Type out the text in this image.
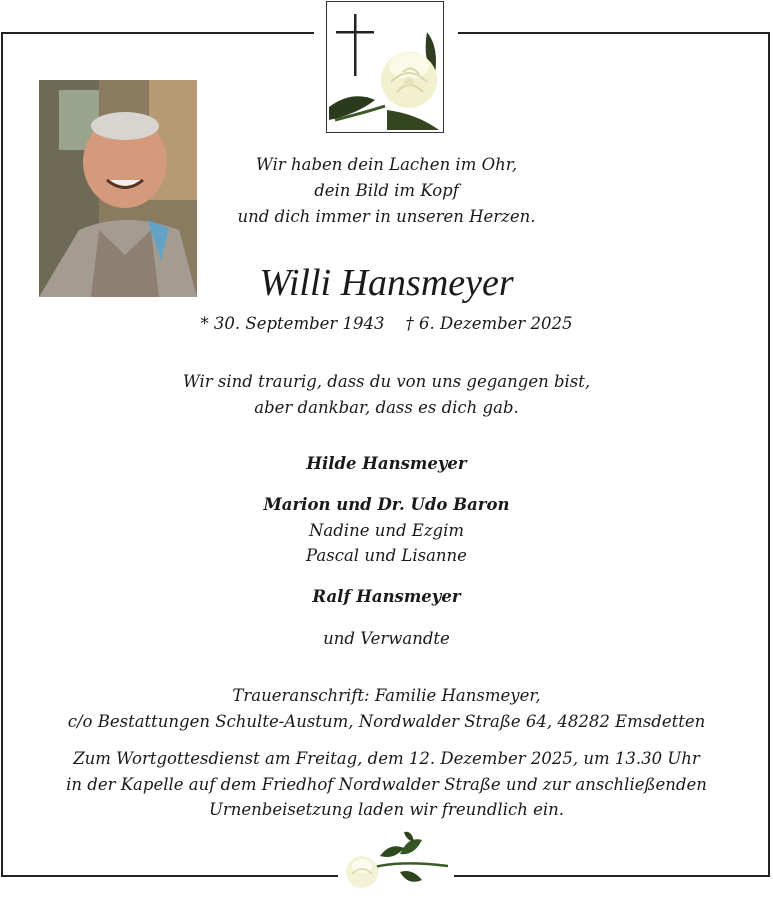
Wir haben dein Lachen im Ohr,
dein Bild im Kopf
und dich immer in unseren Herzen.
Willi Hansmeyer
* 30. September 1943    † 6. Dezember 2025
Wir sind traurig, dass du von uns gegangen bist,
aber dankbar, dass es dich gab.
Hilde Hansmeyer
Marion und Dr. Udo Baron
Nadine und Ezgim
Pascal und Lisanne
Ralf Hansmeyer
und Verwandte
Traueranschrift: Familie Hansmeyer,
c/o Bestattungen Schulte-Austum, Nordwalder Straße 64, 48282 Emsdetten
Zum Wortgottesdienst am Freitag, dem 12. Dezember 2025, um 13.30 Uhr
in der Kapelle auf dem Friedhof Nordwalder Straße und zur anschließenden
Urnenbeisetzung laden wir freundlich ein.
